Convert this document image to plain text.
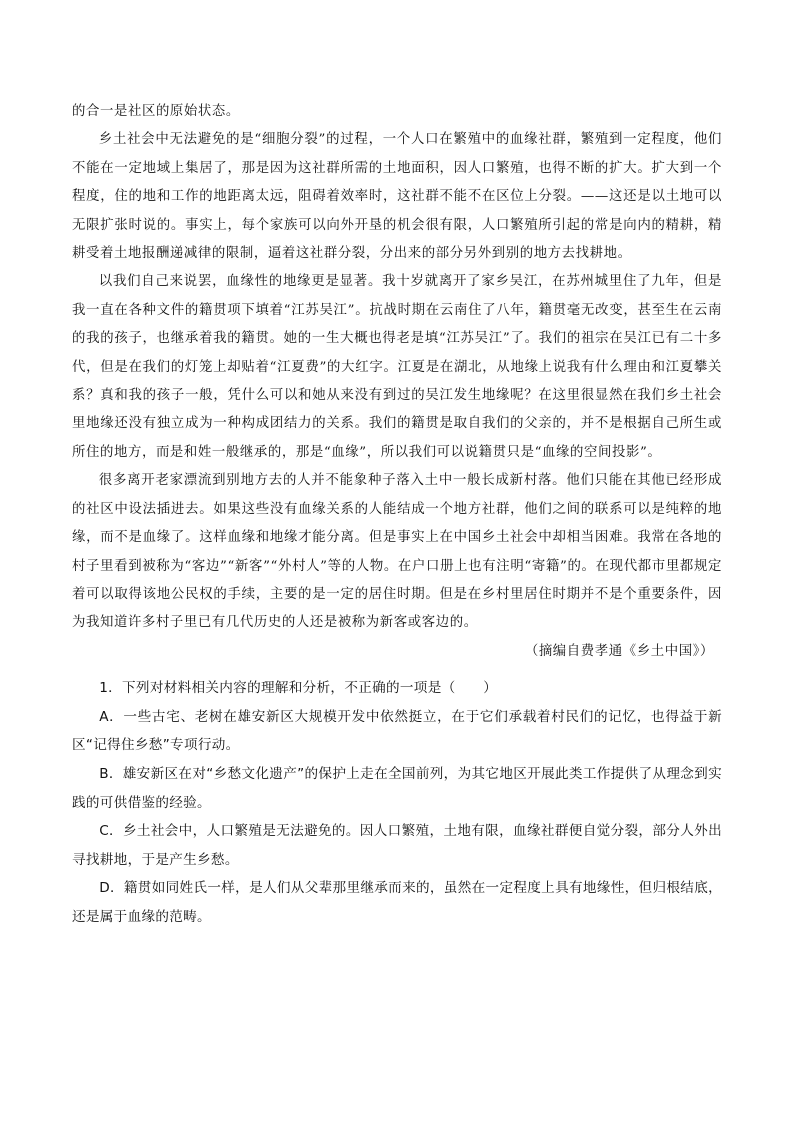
的合一是社区的原始状态。

乡土社会中无法避免的是“细胞分裂”的过程，一个人口在繁殖中的血缘社群，繁殖到一定程度，他们不能在一定地域上集居了，那是因为这社群所需的土地面积，因人口繁殖，也得不断的扩大。扩大到一个程度，住的地和工作的地距离太远，阻碍着效率时，这社群不能不在区位上分裂。——这还是以土地可以无限扩张时说的。事实上，每个家族可以向外开垦的机会很有限，人口繁殖所引起的常是向内的精耕，精耕受着土地报酬递减律的限制，逼着这社群分裂，分出来的部分另外到别的地方去找耕地。

以我们自己来说罢，血缘性的地缘更是显著。我十岁就离开了家乡吴江，在苏州城里住了九年，但是我一直在各种文件的籍贯项下填着“江苏吴江”。抗战时期在云南住了八年，籍贯毫无改变，甚至生在云南的我的孩子，也继承着我的籍贯。她的一生大概也得老是填“江苏吴江”了。我们的祖宗在吴江已有二十多代，但是在我们的灯笼上却贴着“江夏费”的大红字。江夏是在湖北，从地缘上说我有什么理由和江夏攀关系？真和我的孩子一般，凭什么可以和她从来没有到过的吴江发生地缘呢？在这里很显然在我们乡土社会里地缘还没有独立成为一种构成团结力的关系。我们的籍贯是取自我们的父亲的，并不是根据自己所生或所住的地方，而是和姓一般继承的，那是“血缘”，所以我们可以说籍贯只是“血缘的空间投影”。

很多离开老家漂流到别地方去的人并不能象种子落入土中一般长成新村落。他们只能在其他已经形成的社区中设法插进去。如果这些没有血缘关系的人能结成一个地方社群，他们之间的联系可以是纯粹的地缘，而不是血缘了。这样血缘和地缘才能分离。但是事实上在中国乡土社会中却相当困难。我常在各地的村子里看到被称为“客边”“新客”“外村人”等的人物。在户口册上也有注明“寄籍”的。在现代都市里都规定着可以取得该地公民权的手续，主要的是一定的居住时期。但是在乡村里居住时期并不是个重要条件，因为我知道许多村子里已有几代历史的人还是被称为新客或客边的。

（摘编自费孝通《乡土中国》）

1．下列对材料相关内容的理解和分析，不正确的一项是（　　）

A．一些古宅、老树在雄安新区大规模开发中依然挺立，在于它们承载着村民们的记忆，也得益于新区“记得住乡愁”专项行动。

B．雄安新区在对“乡愁文化遗产”的保护上走在全国前列，为其它地区开展此类工作提供了从理念到实践的可供借鉴的经验。

C．乡土社会中，人口繁殖是无法避免的。因人口繁殖，土地有限，血缘社群便自觉分裂，部分人外出寻找耕地，于是产生乡愁。

D．籍贯如同姓氏一样，是人们从父辈那里继承而来的，虽然在一定程度上具有地缘性，但归根结底，还是属于血缘的范畴。
